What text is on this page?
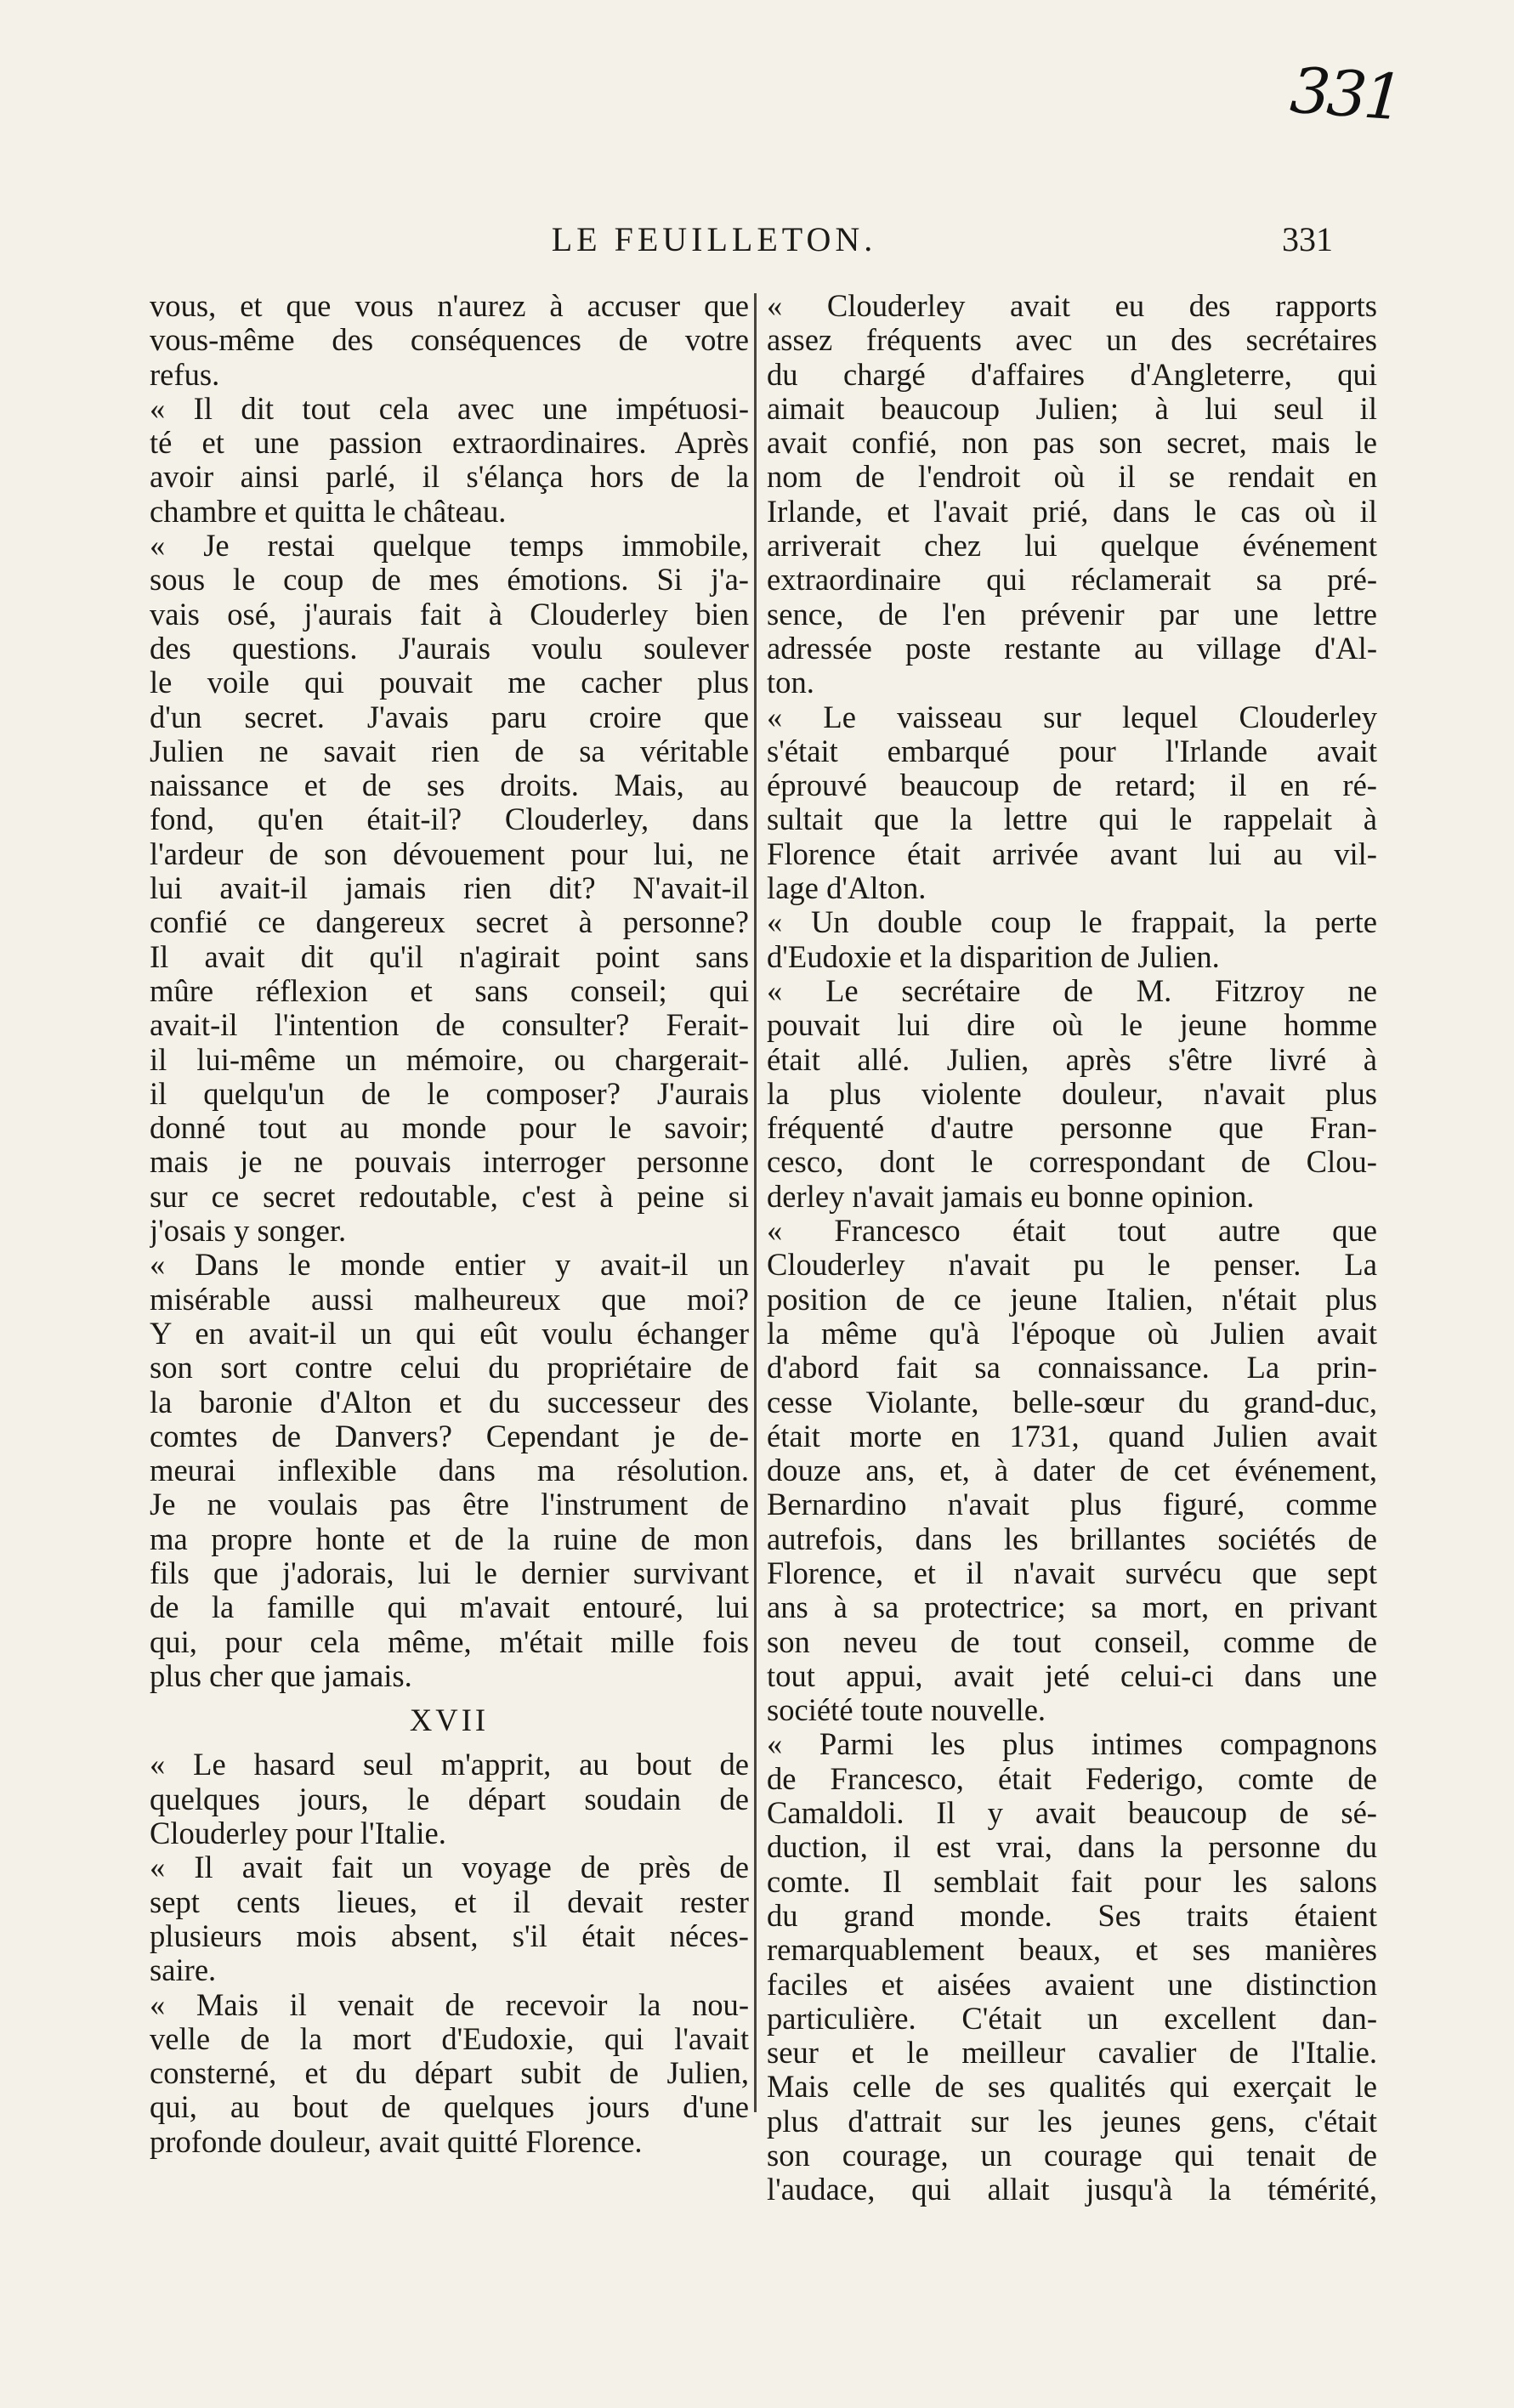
331
LE FEUILLETON.	331
vous, et que vous n'aurez à accuser que
vous-même des conséquences de votre
refus.
« Il dit tout cela avec une impétuosi-
té et une passion extraordinaires. Après
avoir ainsi parlé, il s'élança hors de la
chambre et quitta le château.
« Je restai quelque temps immobile,
sous le coup de mes émotions. Si j'a-
vais osé, j'aurais fait à Clouderley bien
des questions. J'aurais voulu soulever
le voile qui pouvait me cacher plus
d'un secret. J'avais paru croire que
Julien ne savait rien de sa véritable
naissance et de ses droits. Mais, au
fond, qu'en était-il? Clouderley, dans
l'ardeur de son dévouement pour lui, ne
lui avait-il jamais rien dit? N'avait-il
confié ce dangereux secret à personne?
Il avait dit qu'il n'agirait point sans
mûre réflexion et sans conseil; qui
avait-il l'intention de consulter? Ferait-
il lui-même un mémoire, ou chargerait-
il quelqu'un de le composer? J'aurais
donné tout au monde pour le savoir;
mais je ne pouvais interroger personne
sur ce secret redoutable, c'est à peine si
j'osais y songer.
« Dans le monde entier y avait-il un
misérable aussi malheureux que moi?
Y en avait-il un qui eût voulu échanger
son sort contre celui du propriétaire de
la baronie d'Alton et du successeur des
comtes de Danvers? Cependant je de-
meurai inflexible dans ma résolution.
Je ne voulais pas être l'instrument de
ma propre honte et de la ruine de mon
fils que j'adorais, lui le dernier survivant
de la famille qui m'avait entouré, lui
qui, pour cela même, m'était mille fois
plus cher que jamais.
XVII
« Le hasard seul m'apprit, au bout de
quelques jours, le départ soudain de
Clouderley pour l'Italie.
« Il avait fait un voyage de près de
sept cents lieues, et il devait rester
plusieurs mois absent, s'il était néces-
saire.
« Mais il venait de recevoir la nou-
velle de la mort d'Eudoxie, qui l'avait
consterné, et du départ subit de Julien,
qui, au bout de quelques jours d'une
profonde douleur, avait quitté Florence.
« Clouderley avait eu des rapports
assez fréquents avec un des secrétaires
du chargé d'affaires d'Angleterre, qui
aimait beaucoup Julien; à lui seul il
avait confié, non pas son secret, mais le
nom de l'endroit où il se rendait en
Irlande, et l'avait prié, dans le cas où il
arriverait chez lui quelque événement
extraordinaire qui réclamerait sa pré-
sence, de l'en prévenir par une lettre
adressée poste restante au village d'Al-
ton.
« Le vaisseau sur lequel Clouderley
s'était embarqué pour l'Irlande avait
éprouvé beaucoup de retard; il en ré-
sultait que la lettre qui le rappelait à
Florence était arrivée avant lui au vil-
lage d'Alton.
« Un double coup le frappait, la perte
d'Eudoxie et la disparition de Julien.
« Le secrétaire de M. Fitzroy ne
pouvait lui dire où le jeune homme
était allé. Julien, après s'être livré à
la plus violente douleur, n'avait plus
fréquenté d'autre personne que Fran-
cesco, dont le correspondant de Clou-
derley n'avait jamais eu bonne opinion.
« Francesco était tout autre que
Clouderley n'avait pu le penser. La
position de ce jeune Italien, n'était plus
la même qu'à l'époque où Julien avait
d'abord fait sa connaissance. La prin-
cesse Violante, belle-sœur du grand-duc,
était morte en 1731, quand Julien avait
douze ans, et, à dater de cet événement,
Bernardino n'avait plus figuré, comme
autrefois, dans les brillantes sociétés de
Florence, et il n'avait survécu que sept
ans à sa protectrice; sa mort, en privant
son neveu de tout conseil, comme de
tout appui, avait jeté celui-ci dans une
société toute nouvelle.
« Parmi les plus intimes compagnons
de Francesco, était Federigo, comte de
Camaldoli. Il y avait beaucoup de sé-
duction, il est vrai, dans la personne du
comte. Il semblait fait pour les salons
du grand monde. Ses traits étaient
remarquablement beaux, et ses manières
faciles et aisées avaient une distinction
particulière. C'était un excellent dan-
seur et le meilleur cavalier de l'Italie.
Mais celle de ses qualités qui exerçait le
plus d'attrait sur les jeunes gens, c'était
son courage, un courage qui tenait de
l'audace, qui allait jusqu'à la témérité,
